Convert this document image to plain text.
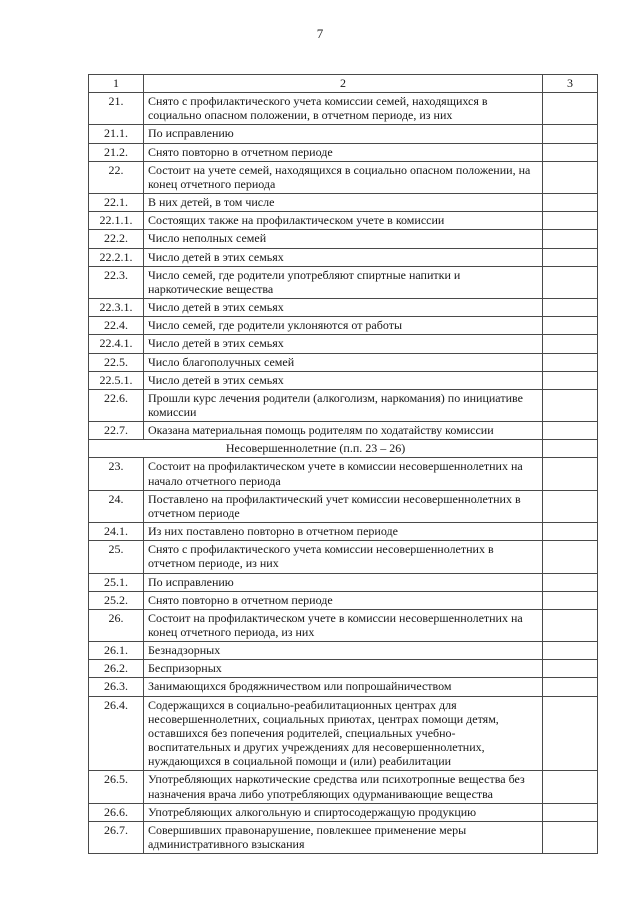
7
1	2	3
21.	Снято с профилактического учета комиссии семей, находящихся в социально опасном положении, в отчетном периоде, из них	
21.1.	По исправлению	
21.2.	Снято повторно в отчетном периоде	
22.	Состоит на учете семей, находящихся в социально опасном положении, на конец отчетного периода	
22.1.	В них детей, в том числе	
22.1.1.	Состоящих также на профилактическом учете в комиссии	
22.2.	Число неполных семей	
22.2.1.	Число детей в этих семьях	
22.3.	Число семей, где родители употребляют спиртные напитки и наркотические вещества	
22.3.1.	Число детей в этих семьях	
22.4.	Число семей, где родители уклоняются от работы	
22.4.1.	Число детей в этих семьях	
22.5.	Число благополучных семей	
22.5.1.	Число детей в этих семьях	
22.6.	Прошли курс лечения родители (алкоголизм, наркомания) по инициативе комиссии	
22.7.	Оказана материальная помощь родителям по ходатайству комиссии	
Несовершеннолетние (п.п. 23 – 26)		
23.	Состоит на профилактическом учете в комиссии несовершеннолетних на начало отчетного периода	
24.	Поставлено на профилактический учет комиссии несовершеннолетних в отчетном периоде	
24.1.	Из них поставлено повторно в отчетном периоде	
25.	Снято с профилактического учета комиссии несовершеннолетних в отчетном периоде, из них	
25.1.	По исправлению	
25.2.	Снято повторно в отчетном периоде	
26.	Состоит на профилактическом учете в комиссии несовершеннолетних на конец отчетного периода, из них	
26.1.	Безнадзорных	
26.2.	Беспризорных	
26.3.	Занимающихся бродяжничеством или попрошайничеством	
26.4.	Содержащихся в социально-реабилитационных центрах для несовершеннолетних, социальных приютах, центрах помощи детям, оставшихся без попечения родителей, специальных учебно-воспитательных и других учреждениях для несовершеннолетних, нуждающихся в социальной помощи и (или) реабилитации	
26.5.	Употребляющих наркотические средства или психотропные вещества без назначения врача либо употребляющих одурманивающие вещества	
26.6.	Употребляющих алкогольную и спиртосодержащую продукцию	
26.7.	Совершивших правонарушение, повлекшее применение меры административного взыскания	
